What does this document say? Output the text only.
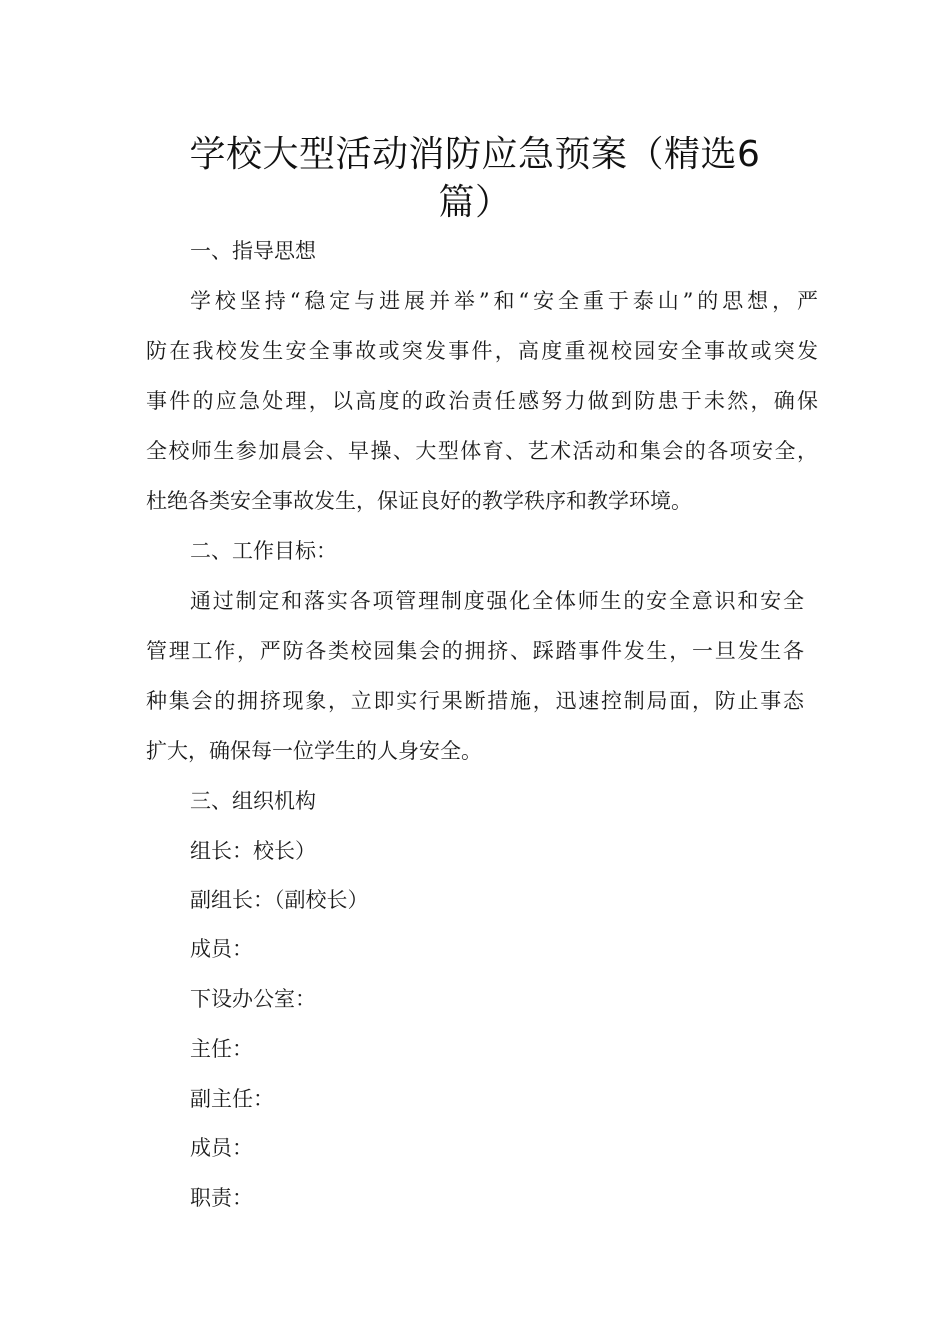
学校大型活动消防应急预案（精选6
篇）
一、指导思想
学校坚持“稳定与进展并举”和“安全重于泰山”的思想，严
防在我校发生安全事故或突发事件，高度重视校园安全事故或突发
事件的应急处理，以高度的政治责任感努力做到防患于未然，确保
全校师生参加晨会、早操、大型体育、艺术活动和集会的各项安全，
杜绝各类安全事故发生，保证良好的教学秩序和教学环境。
二、工作目标：
通过制定和落实各项管理制度强化全体师生的安全意识和安全
管理工作，严防各类校园集会的拥挤、踩踏事件发生，一旦发生各
种集会的拥挤现象，立即实行果断措施，迅速控制局面，防止事态
扩大，确保每一位学生的人身安全。
三、组织机构
组长：校长）
副组长：（副校长）
成员：
下设办公室：
主任：
副主任：
成员：
职责：
